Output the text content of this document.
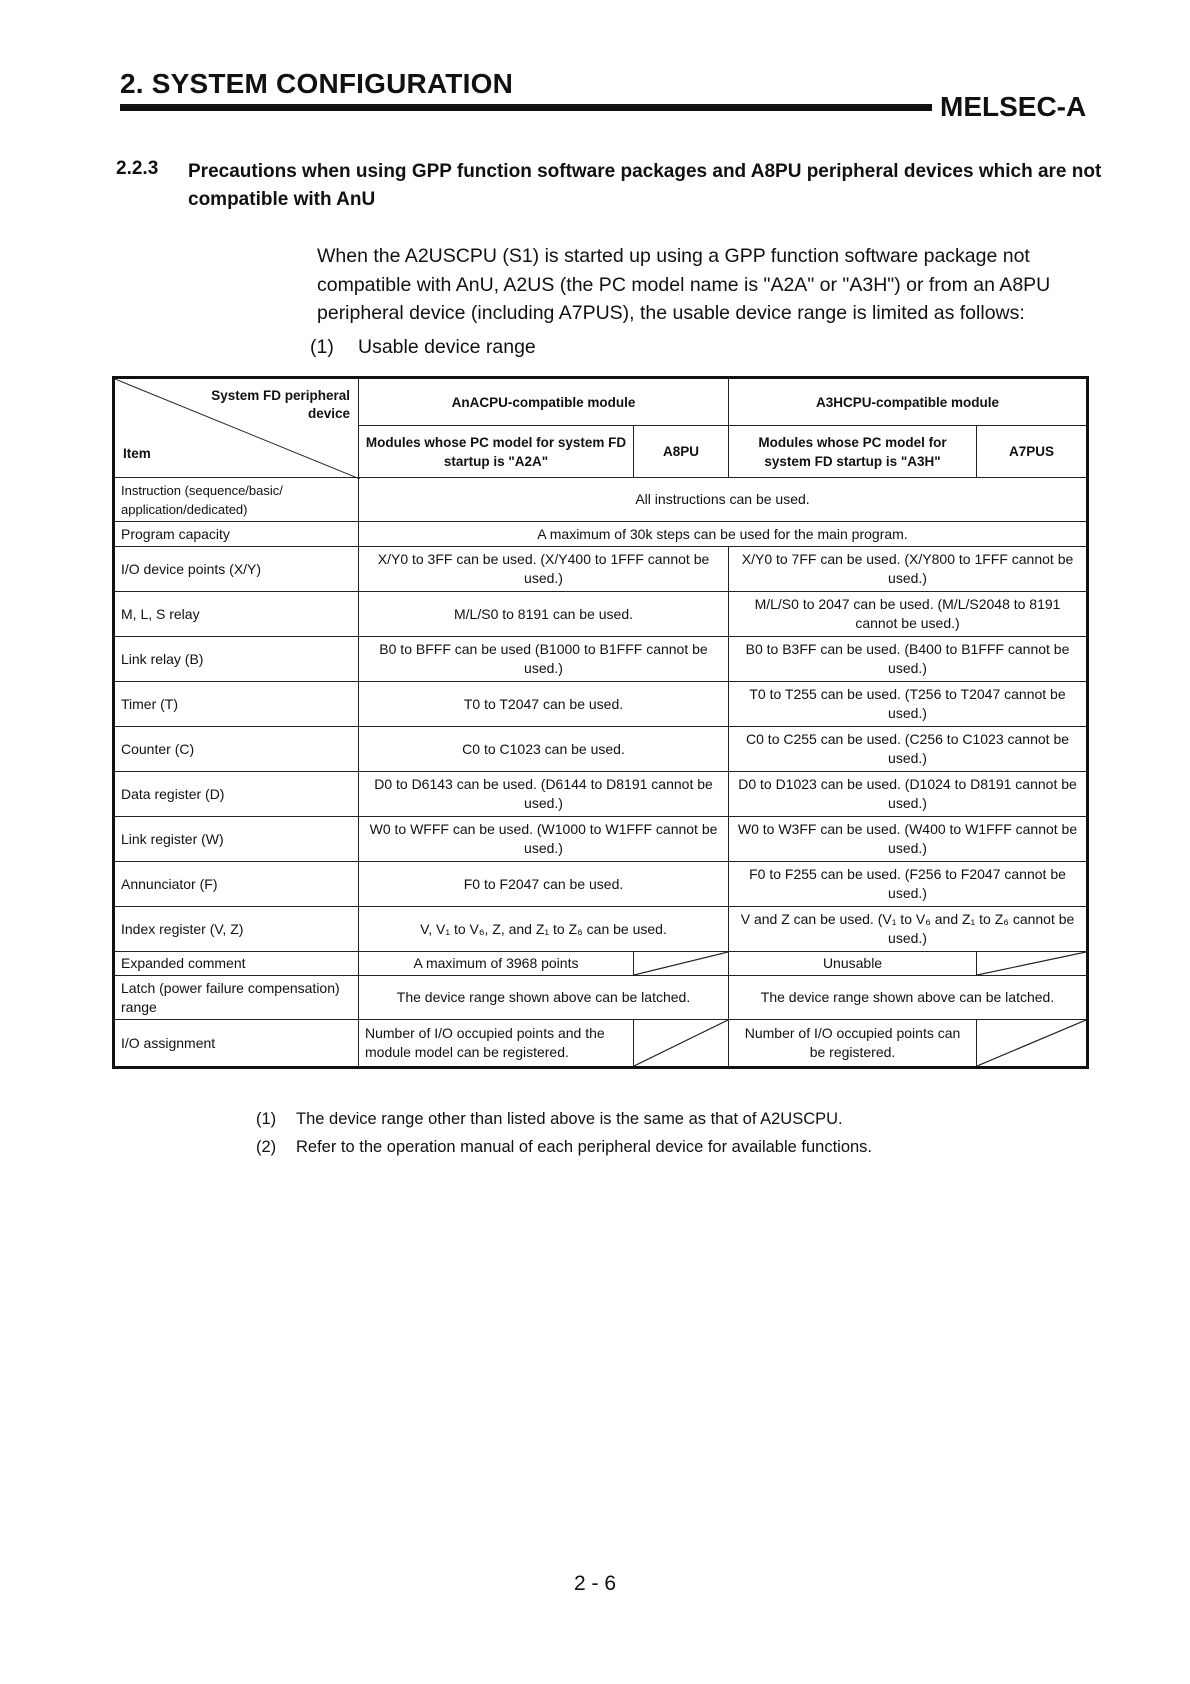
2. SYSTEM CONFIGURATION
MELSEC-A
2.2.3 Precautions when using GPP function software packages and A8PU peripheral devices which are not compatible with AnU
When the A2USCPU (S1) is started up using a GPP function software package not compatible with AnU, A2US (the PC model name is "A2A" or "A3H") or from an A8PU peripheral device (including A7PUS), the usable device range is limited as follows:
(1) Usable device range
System FD peripheral device
Item	AnACPU-compatible module		A3HCPU-compatible module	
	Modules whose PC model for system FD startup is "A2A"	A8PU	Modules whose PC model for system FD startup is "A3H"	A7PUS
Instruction (sequence/basic/ application/dedicated)	All instructions can be used.			
Program capacity	A maximum of 30k steps can be used for the main program.			
I/O device points (X/Y)	X/Y0 to 3FF can be used. (X/Y400 to 1FFF cannot be used.)		X/Y0 to 7FF can be used. (X/Y800 to 1FFF cannot be used.)	
M, L, S relay	M/L/S0 to 8191 can be used.		M/L/S0 to 2047 can be used. (M/L/S2048 to 8191 cannot be used.)	
Link relay (B)	B0 to BFFF can be used (B1000 to B1FFF cannot be used.)		B0 to B3FF can be used. (B400 to B1FFF cannot be used.)	
Timer (T)	T0 to T2047 can be used.		T0 to T255 can be used. (T256 to T2047 cannot be used.)	
Counter (C)	C0 to C1023 can be used.		C0 to C255 can be used. (C256 to C1023 cannot be used.)	
Data register (D)	D0 to D6143 can be used. (D6144 to D8191 cannot be used.)		D0 to D1023 can be used. (D1024 to D8191 cannot be used.)	
Link register (W)	W0 to WFFF can be used. (W1000 to W1FFF cannot be used.)		W0 to W3FF can be used. (W400 to W1FFF cannot be used.)	
Annunciator (F)	F0 to F2047 can be used.		F0 to F255 can be used. (F256 to F2047 cannot be used.)	
Index register (V, Z)	V, V₁ to V₆, Z, and Z₁ to Z₆ can be used.		V and Z can be used. (V₁ to V₆ and Z₁ to Z₆ cannot be used.)	
Expanded comment	A maximum of 3968 points		Unusable	

Latch (power failure compensation) range	The device range shown above can be latched.		The device range shown above can be latched.	
I/O assignment	Number of I/O occupied points and the module model can be registered.		Number of I/O occupied points can be registered.	
(1) The device range other than listed above is the same as that of A2USCPU.
(2) Refer to the operation manual of each peripheral device for available functions.
2 - 6
